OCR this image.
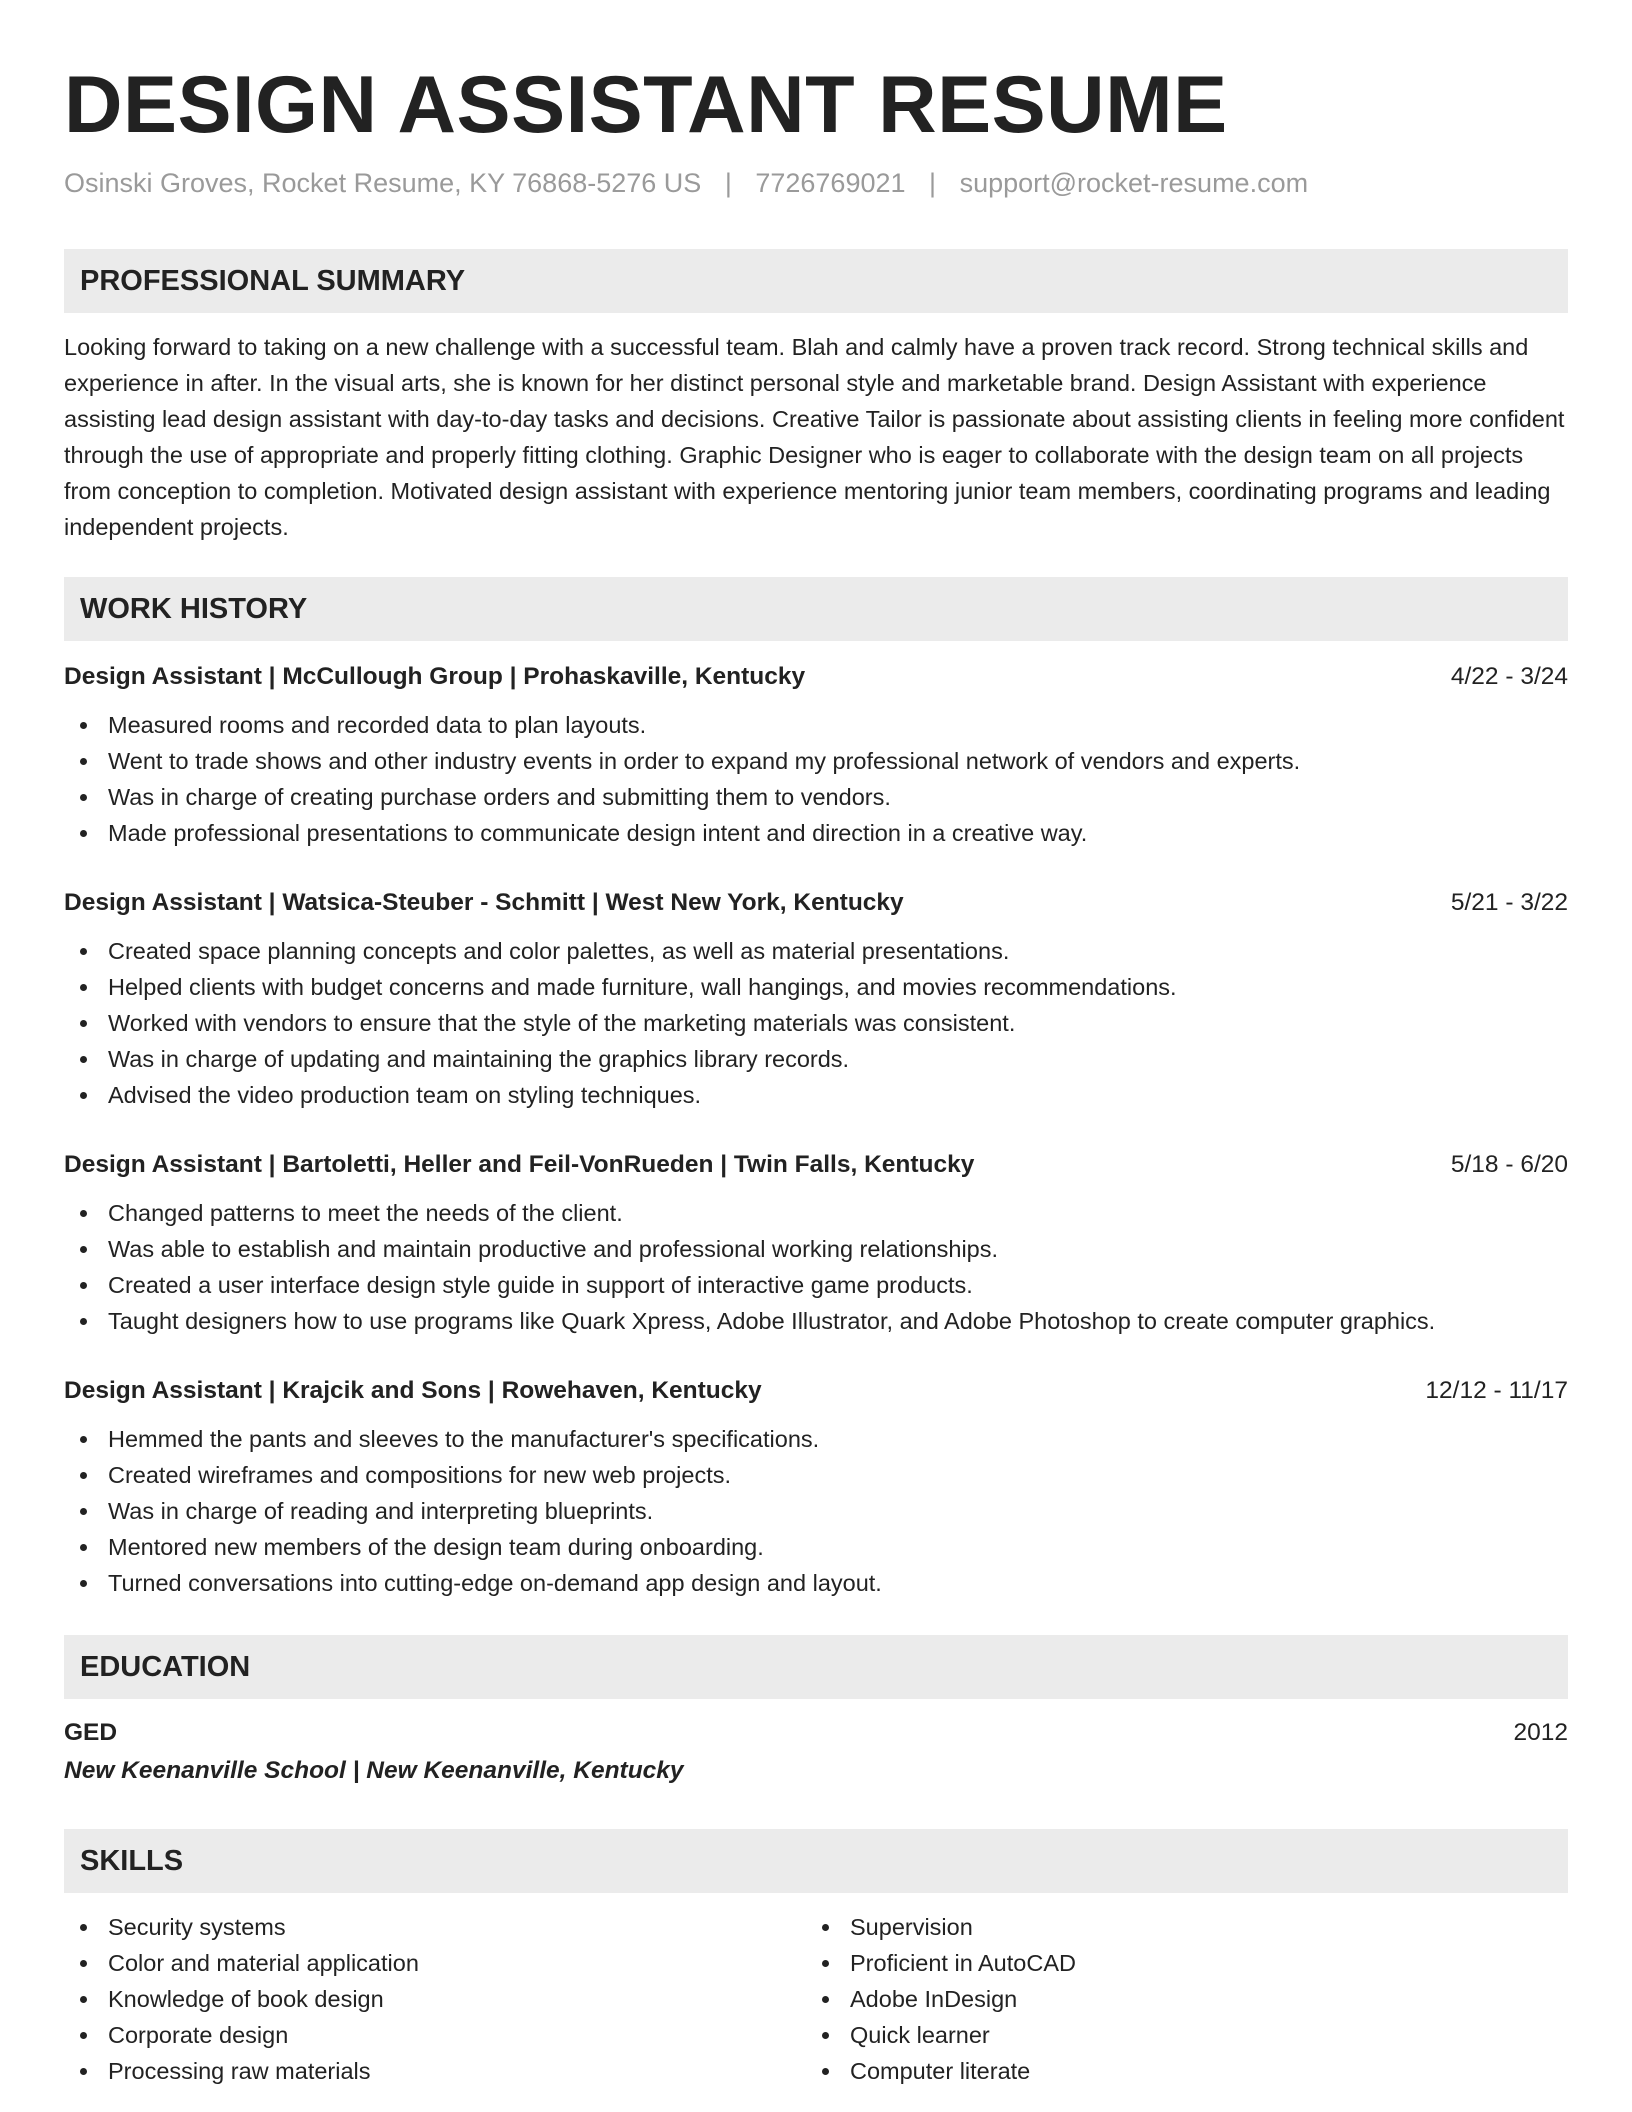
DESIGN ASSISTANT RESUME
Osinski Groves, Rocket Resume, KY 76868-5276 US | 7726769021 | support@rocket-resume.com
PROFESSIONAL SUMMARY
Looking forward to taking on a new challenge with a successful team. Blah and calmly have a proven track record. Strong technical skills and experience in after. In the visual arts, she is known for her distinct personal style and marketable brand. Design Assistant with experience assisting lead design assistant with day-to-day tasks and decisions. Creative Tailor is passionate about assisting clients in feeling more confident through the use of appropriate and properly fitting clothing. Graphic Designer who is eager to collaborate with the design team on all projects from conception to completion. Motivated design assistant with experience mentoring junior team members, coordinating programs and leading independent projects.
WORK HISTORY
Design Assistant | McCullough Group | Prohaskaville, Kentucky	4/22 - 3/24
Measured rooms and recorded data to plan layouts.
Went to trade shows and other industry events in order to expand my professional network of vendors and experts.
Was in charge of creating purchase orders and submitting them to vendors.
Made professional presentations to communicate design intent and direction in a creative way.
Design Assistant | Watsica-Steuber - Schmitt | West New York, Kentucky	5/21 - 3/22
Created space planning concepts and color palettes, as well as material presentations.
Helped clients with budget concerns and made furniture, wall hangings, and movies recommendations.
Worked with vendors to ensure that the style of the marketing materials was consistent.
Was in charge of updating and maintaining the graphics library records.
Advised the video production team on styling techniques.
Design Assistant | Bartoletti, Heller and Feil-VonRueden | Twin Falls, Kentucky	5/18 - 6/20
Changed patterns to meet the needs of the client.
Was able to establish and maintain productive and professional working relationships.
Created a user interface design style guide in support of interactive game products.
Taught designers how to use programs like Quark Xpress, Adobe Illustrator, and Adobe Photoshop to create computer graphics.
Design Assistant | Krajcik and Sons | Rowehaven, Kentucky	12/12 - 11/17
Hemmed the pants and sleeves to the manufacturer's specifications.
Created wireframes and compositions for new web projects.
Was in charge of reading and interpreting blueprints.
Mentored new members of the design team during onboarding.
Turned conversations into cutting-edge on-demand app design and layout.
EDUCATION
GED	2012
New Keenanville School | New Keenanville, Kentucky
SKILLS
Security systems
Color and material application
Knowledge of book design
Corporate design
Processing raw materials
Supervision
Proficient in AutoCAD
Adobe InDesign
Quick learner
Computer literate
